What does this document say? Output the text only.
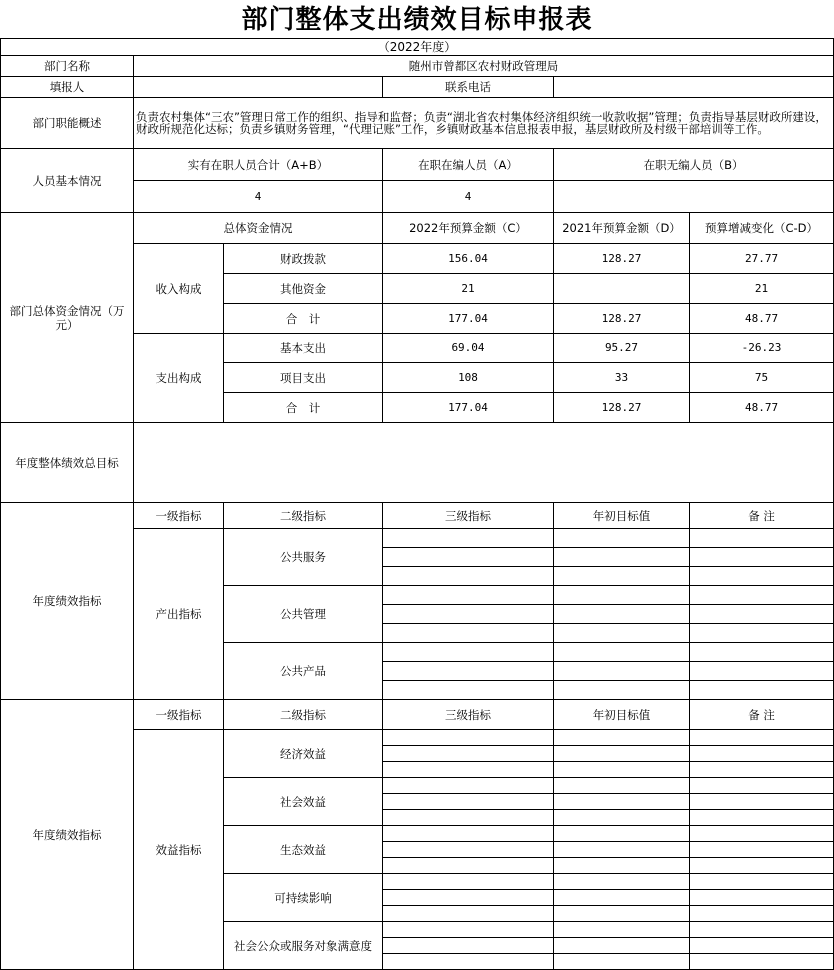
部门整体支出绩效目标申报表
（2022年度）					
部门名称	随州市曾都区农村财政管理局				
填报人			联系电话		
部门职能概述	负责农村集体“三农”管理日常工作的组织、指导和监督；负责“湖北省农村集体经济组织统一收款收据”管理；负责指导基层财政所建设，财政所规范化达标；负责乡镇财务管理，“代理记账”工作，乡镇财政基本信息报表申报，基层财政所及村级干部培训等工作。				
人员基本情况	实有在职人员合计（A+B）		在职在编人员（A）	在职无编人员（B）	
	4		4		
部门总体资金情况（万元）	总体资金情况		2022年预算金额（C）	2021年预算金额（D）	预算增减变化（C-D）
	收入构成	财政拨款	156.04	128.27	27.77
		其他资金	21		21
		合　计	177.04	128.27	48.77
	支出构成	基本支出	69.04	95.27	-26.23
		项目支出	108	33	75
		合　计	177.04	128.27	48.77
年度整体绩效总目标					
年度绩效指标	一级指标	二级指标	三级指标	年初目标值	备 注
	产出指标	公共服务			

		公共管理			

		公共产品			

年度绩效指标	一级指标	二级指标	三级指标	年初目标值	备 注
	效益指标	经济效益			

		社会效益			

		生态效益			

		可持续影响			

		社会公众或服务对象满意度			
